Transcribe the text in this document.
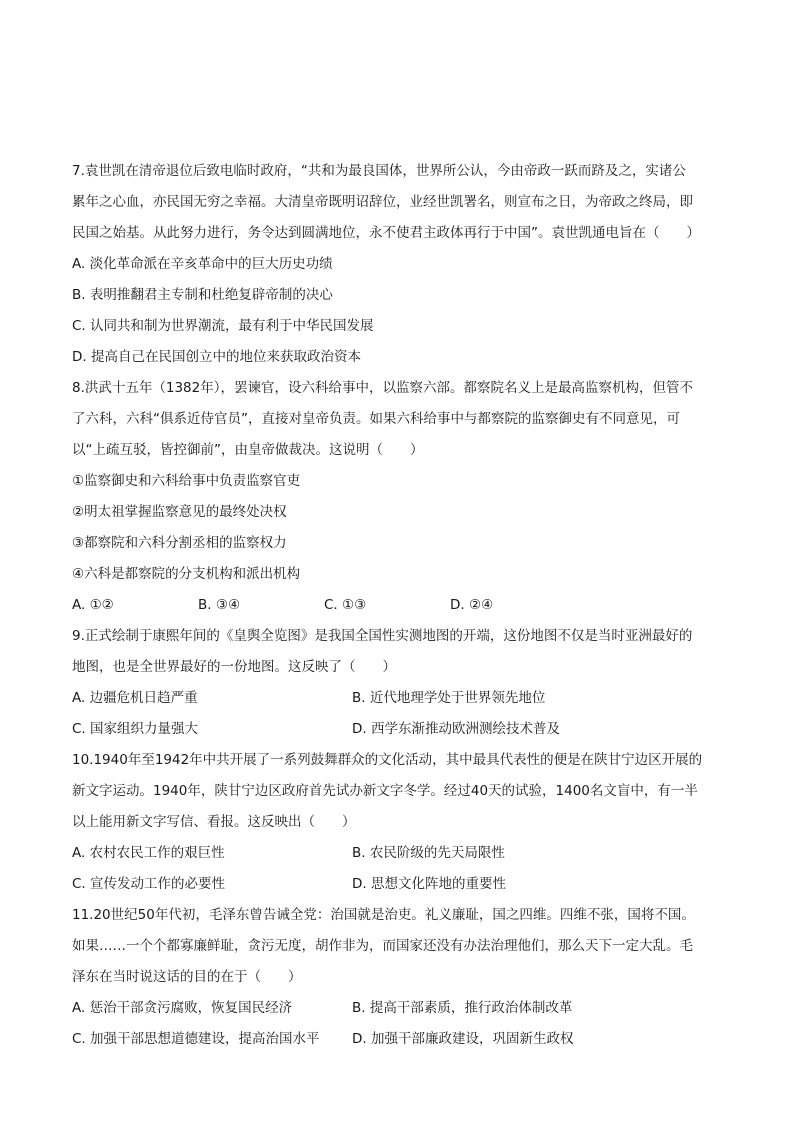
7.袁世凯在清帝退位后致电临时政府，“共和为最良国体，世界所公认，今由帝政一跃而跻及之，实诸公
累年之心血，亦民国无穷之幸福。大清皇帝既明诏辞位，业经世凯署名，则宣布之日，为帝政之终局，即
民国之始基。从此努力进行，务令达到圆满地位，永不使君主政体再行于中国”。袁世凯通电旨在（　　）
A. 淡化革命派在辛亥革命中的巨大历史功绩
B. 表明推翻君主专制和杜绝复辟帝制的决心
C. 认同共和制为世界潮流，最有利于中华民国发展
D. 提高自己在民国创立中的地位来获取政治资本
8.洪武十五年（1382年），罢谏官，设六科给事中，以监察六部。都察院名义上是最高监察机构，但管不
了六科，六科“俱系近侍官员”，直接对皇帝负责。如果六科给事中与都察院的监察御史有不同意见，可
以“上疏互驳，皆控御前”，由皇帝做裁决。这说明（　　）
①监察御史和六科给事中负责监察官吏
②明太祖掌握监察意见的最终处决权
③都察院和六科分割丞相的监察权力
④六科是都察院的分支机构和派出机构
A. ①②	B. ③④	C. ①③	D. ②④
9.正式绘制于康熙年间的《皇舆全览图》是我国全国性实测地图的开端，这份地图不仅是当时亚洲最好的
地图，也是全世界最好的一份地图。这反映了（　　）
A. 边疆危机日趋严重	B. 近代地理学处于世界领先地位
C. 国家组织力量强大	D. 西学东渐推动欧洲测绘技术普及
10.1940年至1942年中共开展了一系列鼓舞群众的文化活动，其中最具代表性的便是在陕甘宁边区开展的
新文字运动。1940年，陕甘宁边区政府首先试办新文字冬学。经过40天的试验，1400名文盲中，有一半
以上能用新文字写信、看报。这反映出（　　）
A. 农村农民工作的艰巨性	B. 农民阶级的先天局限性
C. 宣传发动工作的必要性	D. 思想文化阵地的重要性
11.20世纪50年代初，毛泽东曾告诫全党：治国就是治吏。礼义廉耻，国之四维。四维不张，国将不国。
如果……一个个都寡廉鲜耻，贪污无度，胡作非为，而国家还没有办法治理他们，那么天下一定大乱。毛
泽东在当时说这话的目的在于（　　）
A. 惩治干部贪污腐败，恢复国民经济	B. 提高干部素质，推行政治体制改革
C. 加强干部思想道德建设，提高治国水平	D. 加强干部廉政建设，巩固新生政权
